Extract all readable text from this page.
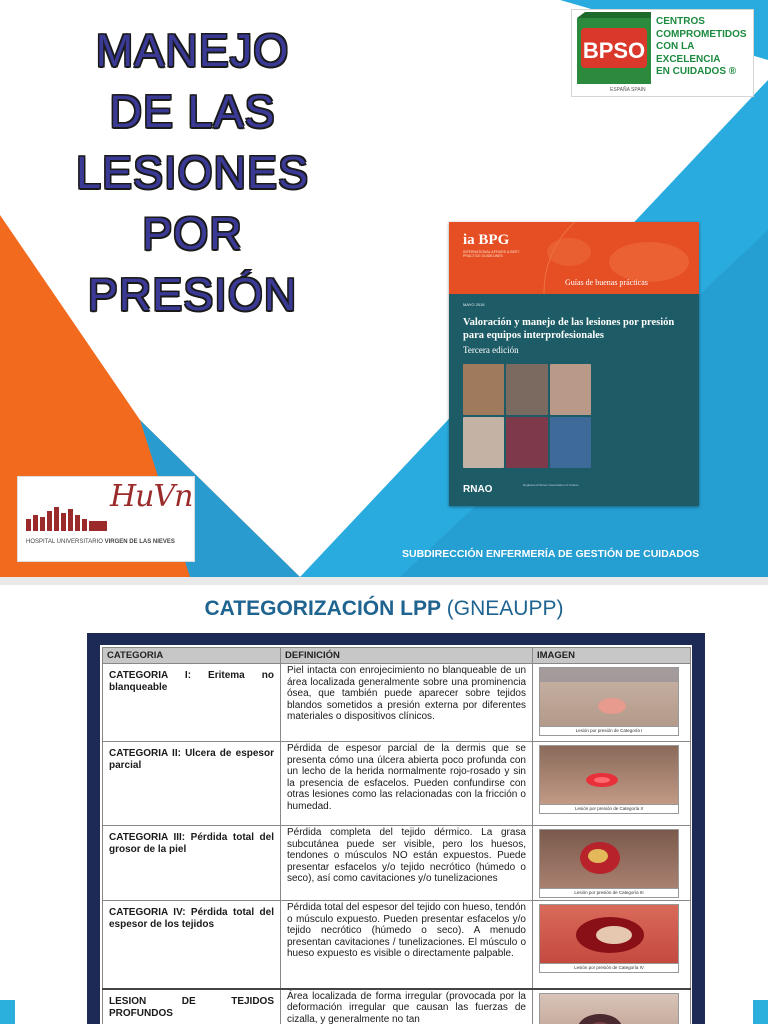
MANEJO
DE LAS
LESIONES
POR
PRESIÓN
BPSO
CENTROS
COMPROMETIDOS
CON LA
EXCELENCIA
EN CUIDADOS ®
ESPAÑA SPAIN
ia BPG
INTERNATIONAL AFFAIRS & BEST PRACTICE GUIDELINES
Guías de buenas prácticas
MAYO 2016
Valoración y manejo de las lesiones por presión para equipos interprofesionales
Tercera edición
RNAO	Registered Nurses' Association of Ontario
HuVn
HOSPITAL UNIVERSITARIO VIRGEN DE LAS NIEVES
SUBDIRECCIÓN ENFERMERÍA DE GESTIÓN DE CUIDADOS
CATEGORIZACIÓN LPP (GNEAUPP)
CATEGORIA	DEFINICIÓN	IMAGEN
CATEGORIA I: Eritema no blanqueable	Piel intacta con enrojecimiento no blanqueable de un área localizada generalmente sobre una prominencia ósea, que también puede aparecer sobre tejidos blandos sometidos a presión externa por diferentes materiales o dispositivos clínicos.	Lesión por presión de Categoría I

CATEGORIA II: Ulcera de espesor parcial	Pérdida de espesor parcial de la dermis que se presenta cómo una úlcera abierta poco profunda con un lecho de la herida normalmente rojo-rosado y sin la presencia de esfacelos. Pueden confundirse con otras lesiones como las relacionadas con la fricción o humedad.	Lesión por presión de Categoría II

CATEGORIA III: Pérdida total del grosor de la piel	Pérdida completa del tejido dérmico. La grasa subcutánea puede ser visible, pero los huesos, tendones o músculos NO están expuestos. Puede presentar esfacelos y/o tejido necrótico (húmedo o seco), así como cavitaciones y/o tunelizaciones	Lesión por presión de Categoría III

CATEGORIA IV: Pérdida total del espesor de los tejidos	Pérdida total del espesor del tejido con hueso, tendón o músculo expuesto. Pueden presentar esfacelos y/o tejido necrótico (húmedo o seco). A menudo presentan cavitaciones / tunelizaciones. El músculo o hueso expuesto es visible o directamente palpable.	Lesión por presión de Categoría IV

LESION DE TEJIDOS PROFUNDOS	Área localizada de forma irregular (provocada por la deformación irregular que causan las fuerzas de cizalla, y generalmente no tan	
